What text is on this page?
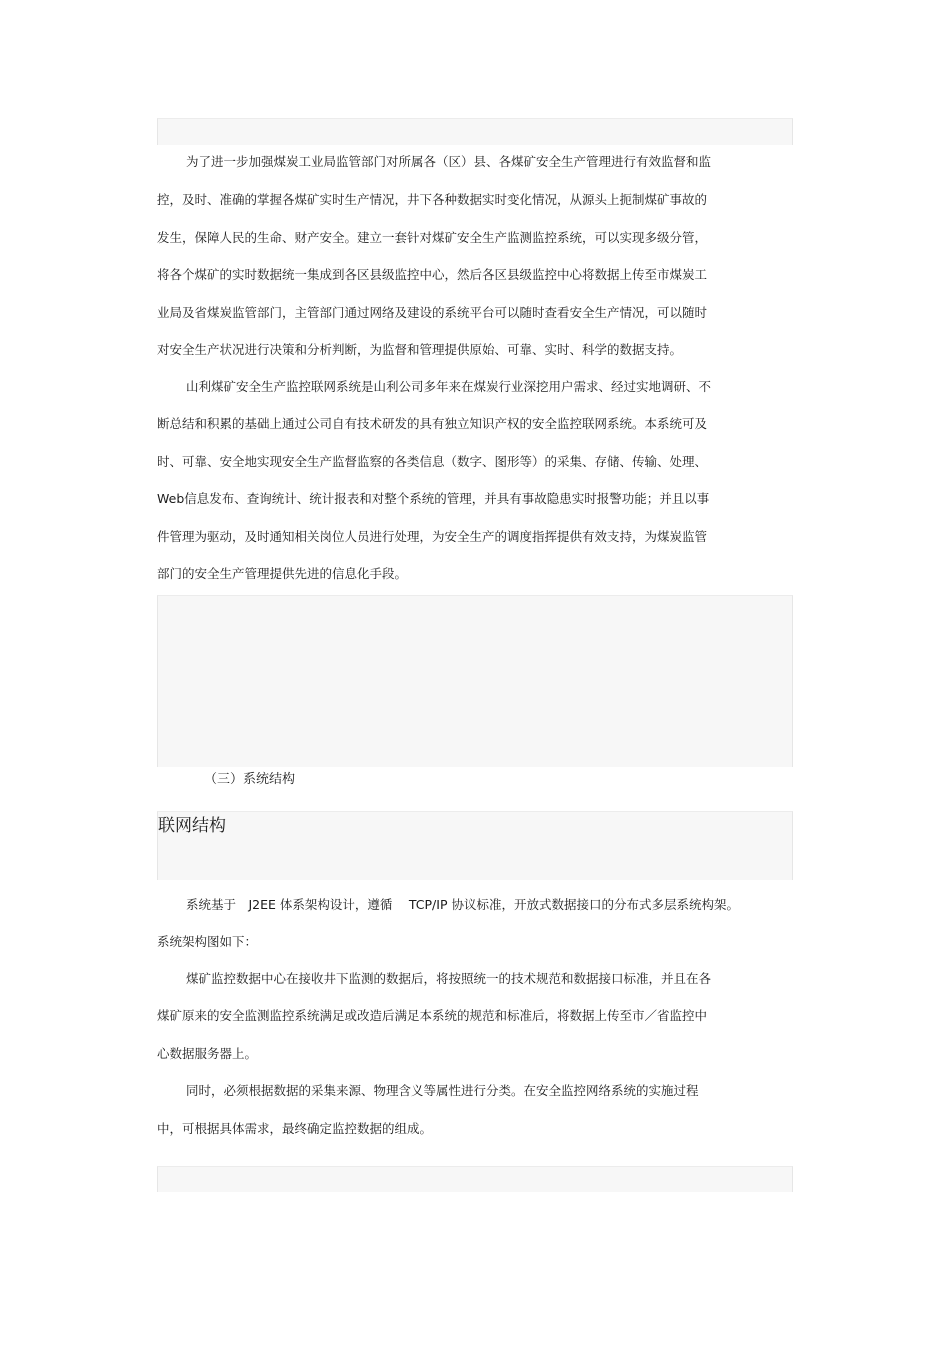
为了进一步加强煤炭工业局监管部门对所属各（区）县、各煤矿安全生产管理进行有效监督和监
控，及时、准确的掌握各煤矿实时生产情况，井下各种数据实时变化情况，从源头上扼制煤矿事故的
发生，保障人民的生命、财产安全。建立一套针对煤矿安全生产监测监控系统，可以实现多级分管，
将各个煤矿的实时数据统一集成到各区县级监控中心，然后各区县级监控中心将数据上传至市煤炭工
业局及省煤炭监管部门，主管部门通过网络及建设的系统平台可以随时查看安全生产情况，可以随时
对安全生产状况进行决策和分析判断，为监督和管理提供原始、可靠、实时、科学的数据支持。
山利煤矿安全生产监控联网系统是山利公司多年来在煤炭行业深挖用户需求、经过实地调研、不
断总结和积累的基础上通过公司自有技术研发的具有独立知识产权的安全监控联网系统。本系统可及
时、可靠、安全地实现安全生产监督监察的各类信息（数字、图形等）的采集、存储、传输、处理、
Web信息发布、查询统计、统计报表和对整个系统的管理，并具有事故隐患实时报警功能；并且以事
件管理为驱动，及时通知相关岗位人员进行处理，为安全生产的调度指挥提供有效支持，为煤炭监管
部门的安全生产管理提供先进的信息化手段。
（三）系统结构
联网结构
系统基于　J2EE 体系架构设计，遵循　 TCP/IP 协议标准，开放式数据接口的分布式多层系统构架。
系统架构图如下：
煤矿监控数据中心在接收井下监测的数据后，将按照统一的技术规范和数据接口标准，并且在各
煤矿原来的安全监测监控系统满足或改造后满足本系统的规范和标准后，将数据上传至市／省监控中
心数据服务器上。
同时，必须根据数据的采集来源、物理含义等属性进行分类。在安全监控网络系统的实施过程
中，可根据具体需求，最终确定监控数据的组成。
